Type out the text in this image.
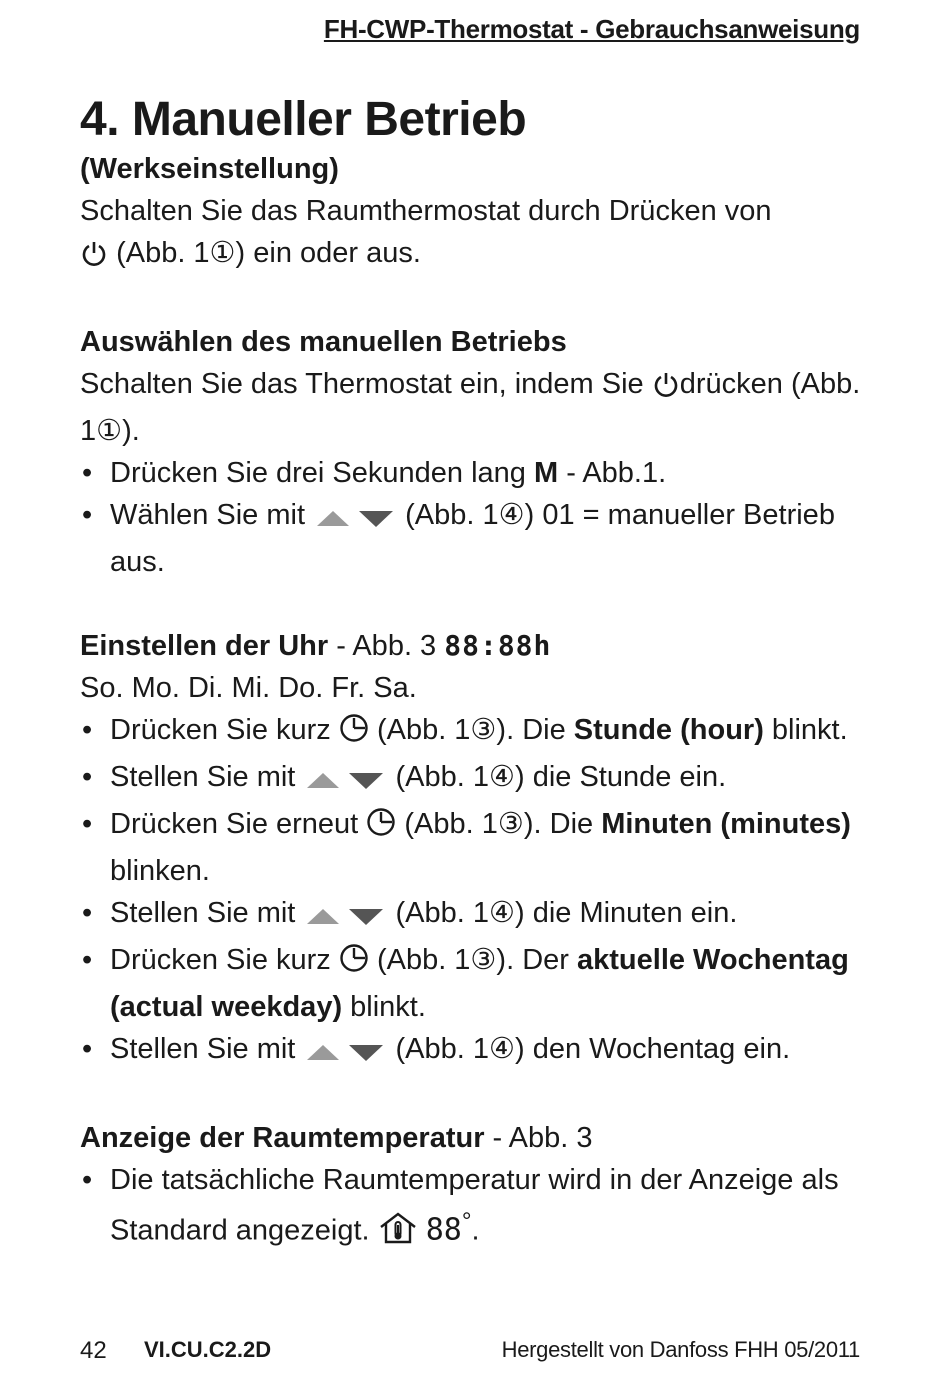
FH-CWP-Thermostat - Gebrauchsanweisung
4. Manueller Betrieb

(Werkseinstellung)

Schalten Sie das Raumthermostat durch Drücken von
(Abb. 1①) ein oder aus.

Auswählen des manuellen Betriebs

Schalten Sie das Thermostat ein, indem Sie drücken (Abb. 1①).

• Drücken Sie drei Sekunden lang M - Abb.1.
• Wählen Sie mit	(Abb. 1④) 01 = manueller Betrieb aus.

Einstellen der Uhr - Abb. 3 88:88h

So. Mo. Di. Mi. Do. Fr. Sa.

• Drücken Sie kurz (Abb. 1③). Die Stunde (hour) blinkt.
• Stellen Sie mit	(Abb. 1④) die Stunde ein.
• Drücken Sie erneut (Abb. 1③). Die Minuten (minutes) blinken.
• Stellen Sie mit	(Abb. 1④) die Minuten ein.
• Drücken Sie kurz (Abb. 1③). Der aktuelle Wochentag (actual weekday) blinkt.
• Stellen Sie mit	(Abb. 1④) den Wochentag ein.

Anzeige der Raumtemperatur - Abb. 3

• Die tatsächliche Raumtemperatur wird in der Anzeige als Standard angezeigt. 88°.
42 VI.CU.C2.2D	Hergestellt von Danfoss FHH 05/2011
